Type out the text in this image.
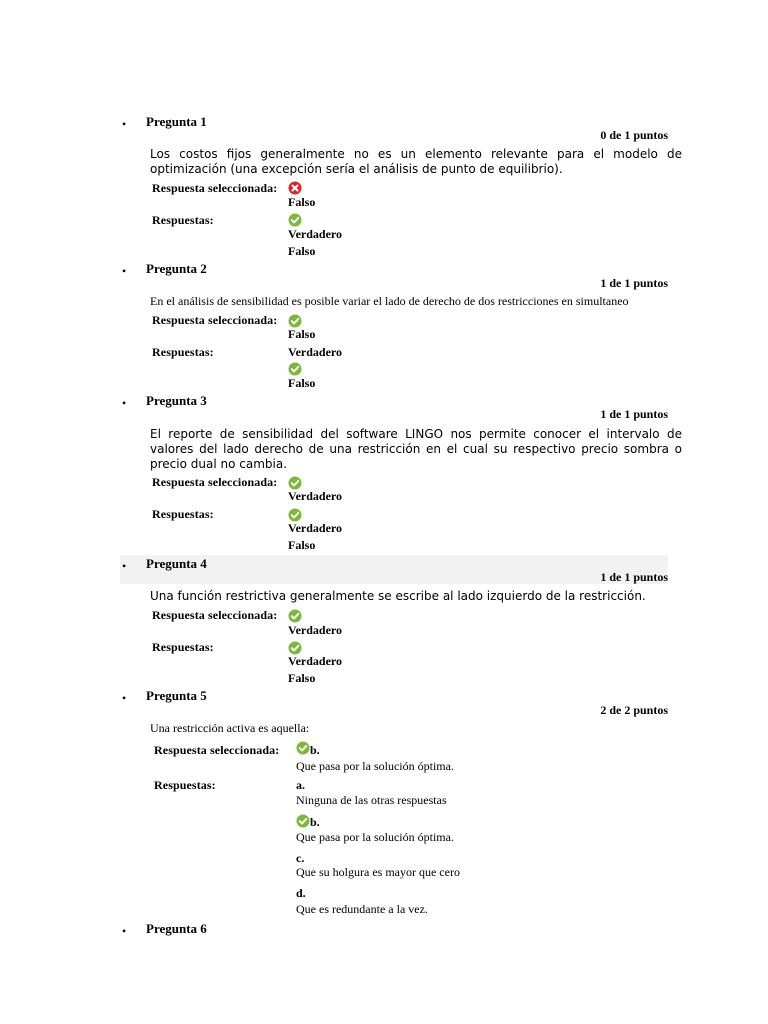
• Pregunta 1
0 de 1 puntos
Los costos fijos generalmente no es un elemento relevante para el modelo de optimización (una excepción sería el análisis de punto de equilibrio).
Respuesta seleccionada:
Falso
Respuestas:
Verdadero
Falso
• Pregunta 2
1 de 1 puntos
En el análisis de sensibilidad es posible variar el lado de derecho de dos restricciones en simultaneo
Respuesta seleccionada:
Falso
Respuestas:	Verdadero
Falso
• Pregunta 3
1 de 1 puntos
El reporte de sensibilidad del software LINGO nos permite conocer el intervalo de valores del lado derecho de una restricción en el cual su respectivo precio sombra o precio dual no cambia.
Respuesta seleccionada:
Verdadero
Respuestas:
Verdadero
Falso
• Pregunta 4
1 de 1 puntos
Una función restrictiva generalmente se escribe al lado izquierdo de la restricción.
Respuesta seleccionada:
Verdadero
Respuestas:
Verdadero
Falso
• Pregunta 5
2 de 2 puntos
Una restricción activa es aquella:
Respuesta seleccionada:	b.
Que pasa por la solución óptima.
Respuestas:	a.
Ninguna de las otras respuestas
b.
Que pasa por la solución óptima.
c.
Que su holgura es mayor que cero
d.
Que es redundante a la vez.
• Pregunta 6
